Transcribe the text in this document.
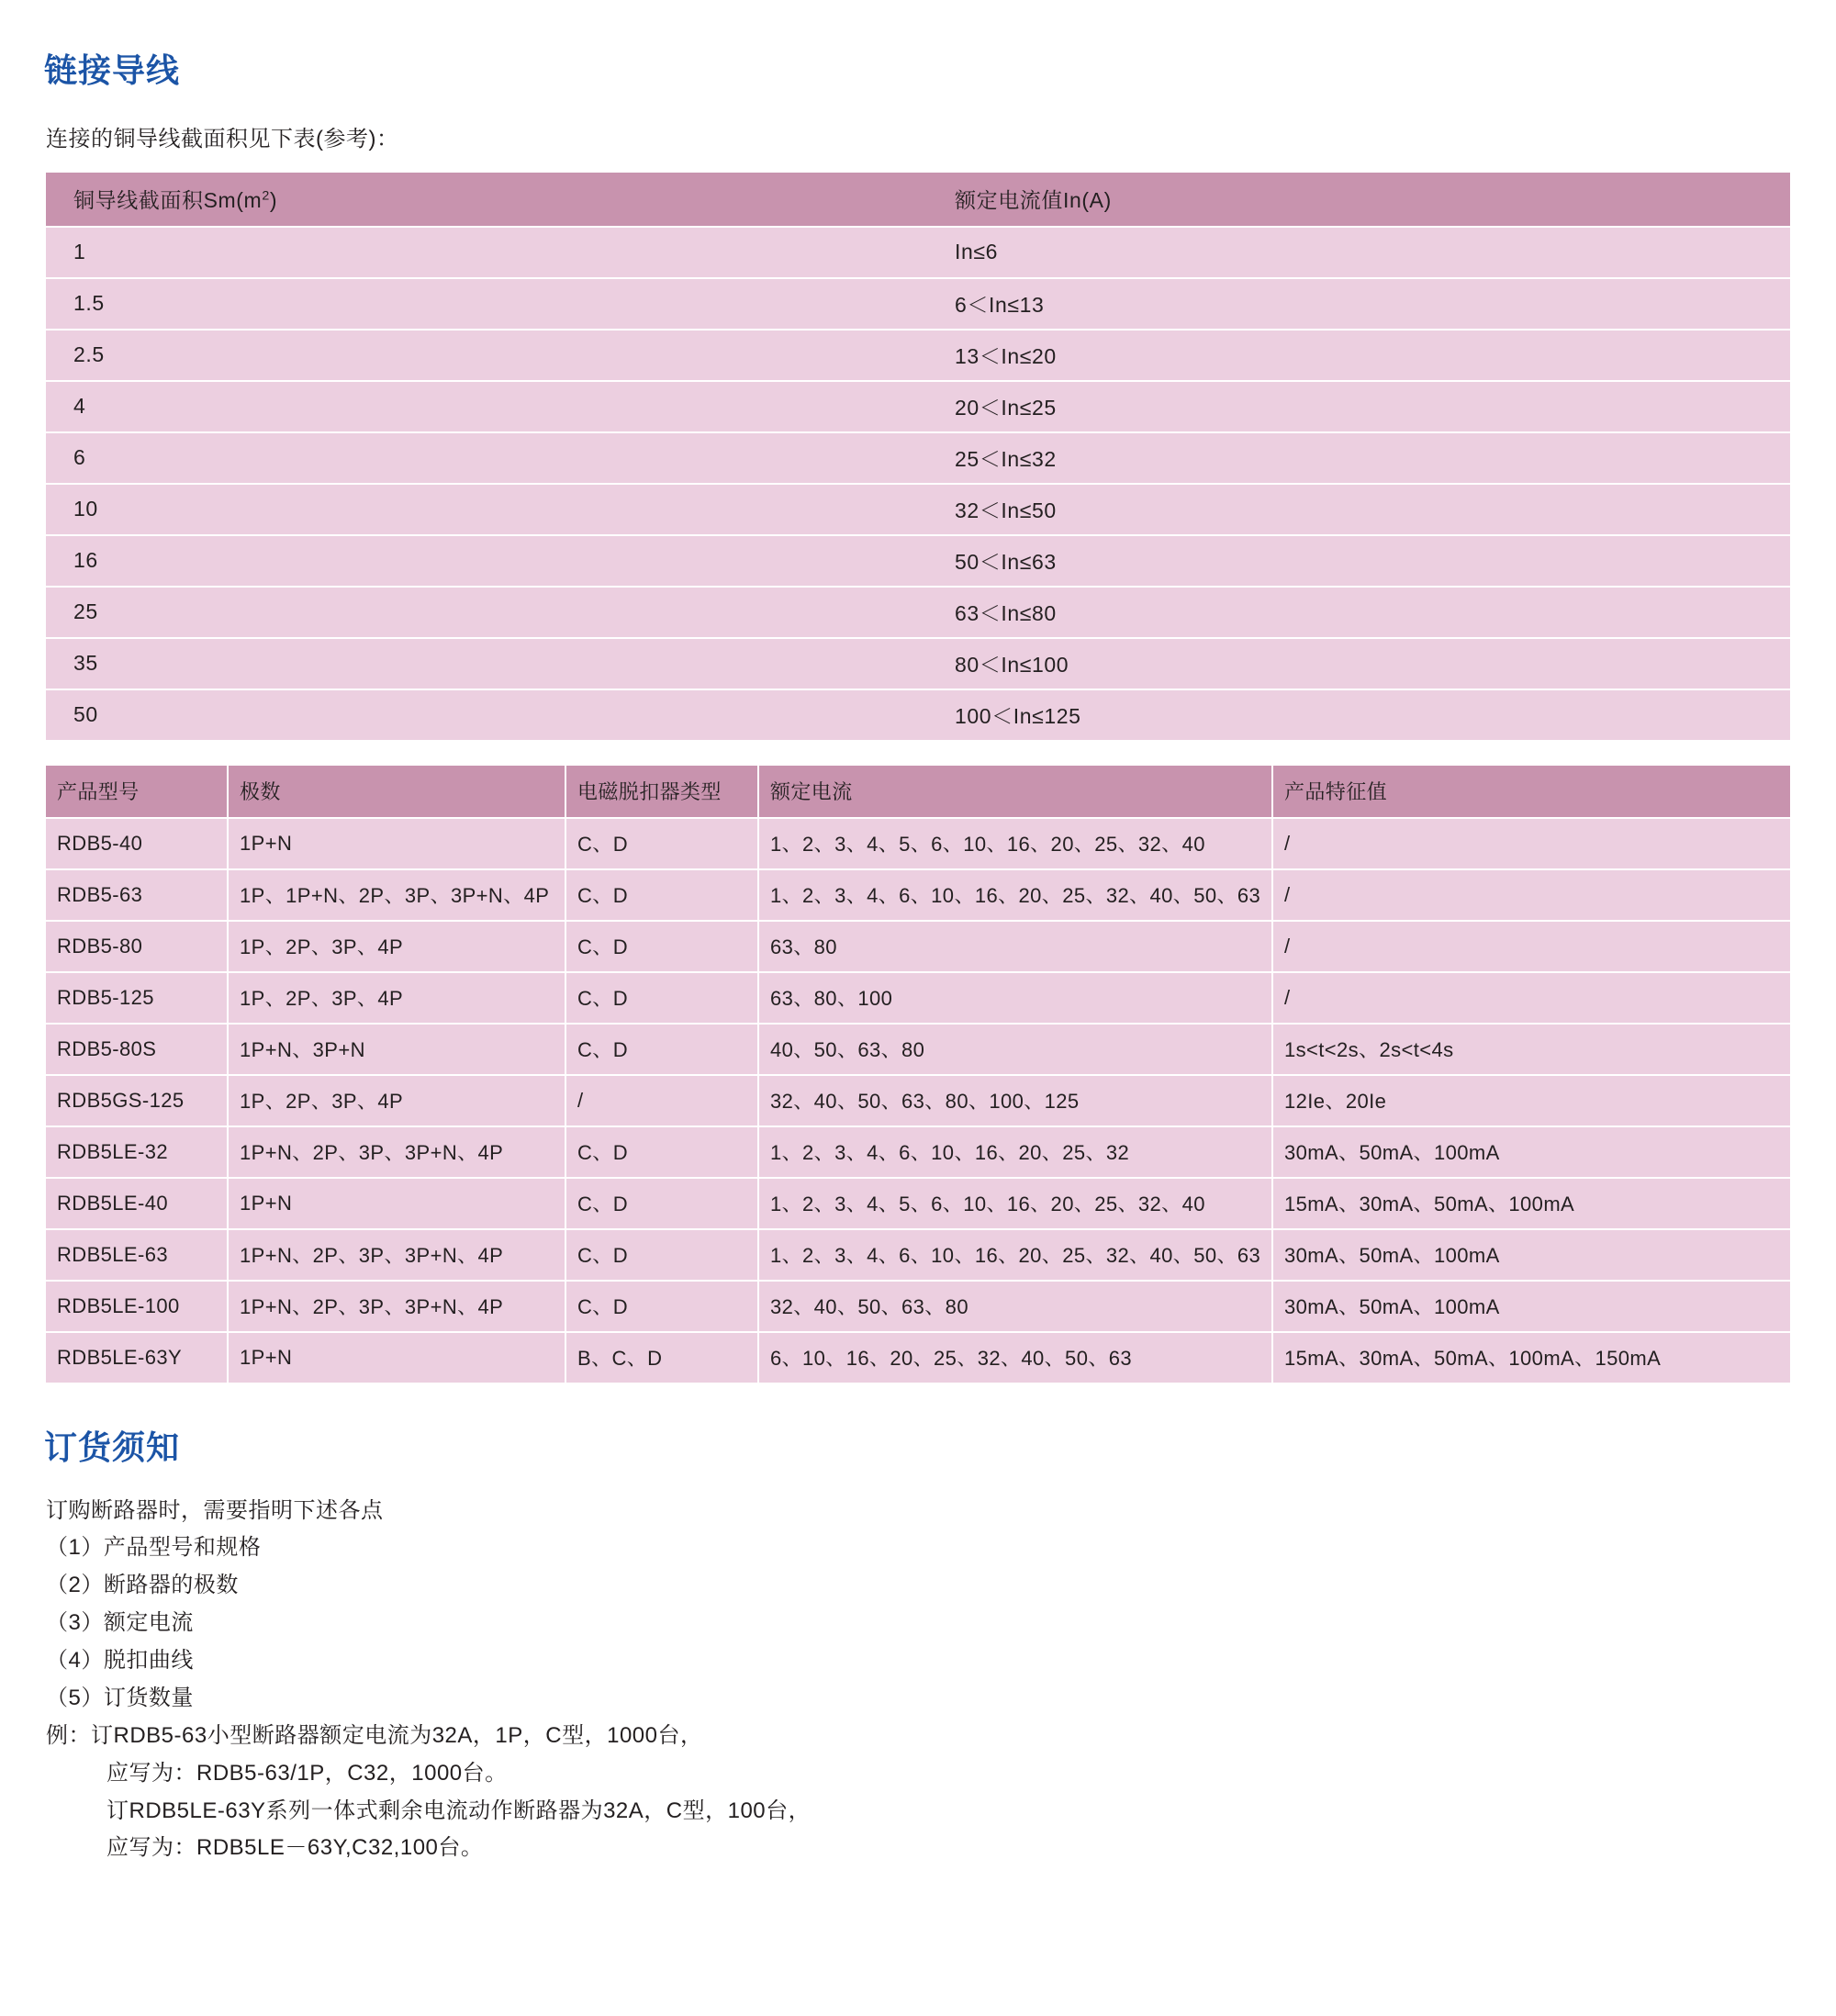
链接导线

连接的铜导线截面积见下表(参考)：

铜导线截面积$Sm(m^2)$	额定电流值In(A)
1	In≤6
1.5	6＜In≤13
2.5	13＜In≤20
4	20＜In≤25
6	25＜In≤32
10	32＜In≤50
16	50＜In≤63
25	63＜In≤80
35	80＜In≤100
50	100＜In≤125
产品型号	极数	电磁脱扣器类型	额定电流	产品特征值
RDB5-40	1P+N	C、D	1、2、3、4、5、6、10、16、20、25、32、40	/
RDB5-63	1P、1P+N、2P、3P、3P+N、4P	C、D	1、2、3、4、6、10、16、20、25、32、40、50、63	/
RDB5-80	1P、2P、3P、4P	C、D	63、80	/
RDB5-125	1P、2P、3P、4P	C、D	63、80、100	/
RDB5-80S	1P+N、3P+N	C、D	40、50、63、80	1s<t<2s、2s<t<4s
RDB5GS-125	1P、2P、3P、4P	/	32、40、50、63、80、100、125	12Ie、20Ie
RDB5LE-32	1P+N、2P、3P、3P+N、4P	C、D	1、2、3、4、6、10、16、20、25、32	30mA、50mA、100mA
RDB5LE-40	1P+N	C、D	1、2、3、4、5、6、10、16、20、25、32、40	15mA、30mA、50mA、100mA
RDB5LE-63	1P+N、2P、3P、3P+N、4P	C、D	1、2、3、4、6、10、16、20、25、32、40、50、63	30mA、50mA、100mA
RDB5LE-100	1P+N、2P、3P、3P+N、4P	C、D	32、40、50、63、80	30mA、50mA、100mA
RDB5LE-63Y	1P+N	B、C、D	6、10、16、20、25、32、40、50、63	15mA、30mA、50mA、100mA、150mA
订货须知

订购断路器时，需要指明下述各点

（1）产品型号和规格

（2）断路器的极数

（3）额定电流

（4）脱扣曲线

（5）订货数量

例：订RDB5-63小型断路器额定电流为32A，1P，C型，1000台，

应写为：RDB5-63/1P，C32，1000台。

订RDB5LE-63Y系列一体式剩余电流动作断路器为32A，C型，100台，

应写为：RDB5LE－63Y,C32,100台。
